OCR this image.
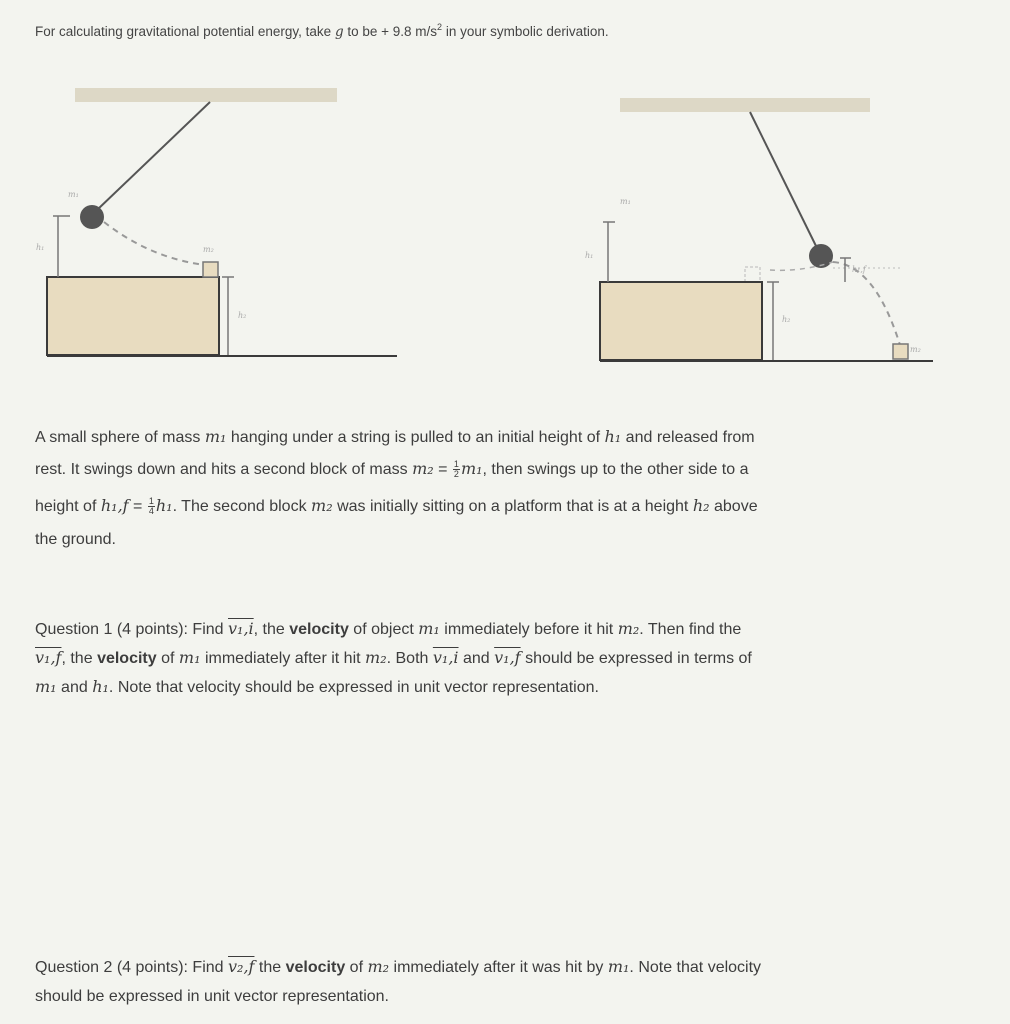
For calculating gravitational potential energy, take g to be + 9.8 $m/s^2$ in your symbolic derivation.
m₁
m₂
h₁
h₂
m₁
m₂
h₁
h₂
h₁,f
A small sphere of mass m₁ hanging under a string is pulled to an initial height of h₁ and released from
rest. It swings down and hits a second block of mass $m_2 = \frac{1}{2} m_1$, then swings up to the other side to a
height of $h_1,f = \frac{1}{4} h_1$. The second block m₂ was initially sitting on a platform that is at a height h₂ above
the ground.
Question 1 (4 points): Find v₁,i, the velocity of object m₁ immediately before it hit m₂. Then find the
v₁,f, the velocity of m₁ immediately after it hit m₂. Both v₁,i and v₁,f should be expressed in terms of
m₁ and h₁. Note that velocity should be expressed in unit vector representation.
Question 2 (4 points): Find v₂,f the velocity of m₂ immediately after it was hit by m₁. Note that velocity
should be expressed in unit vector representation.
